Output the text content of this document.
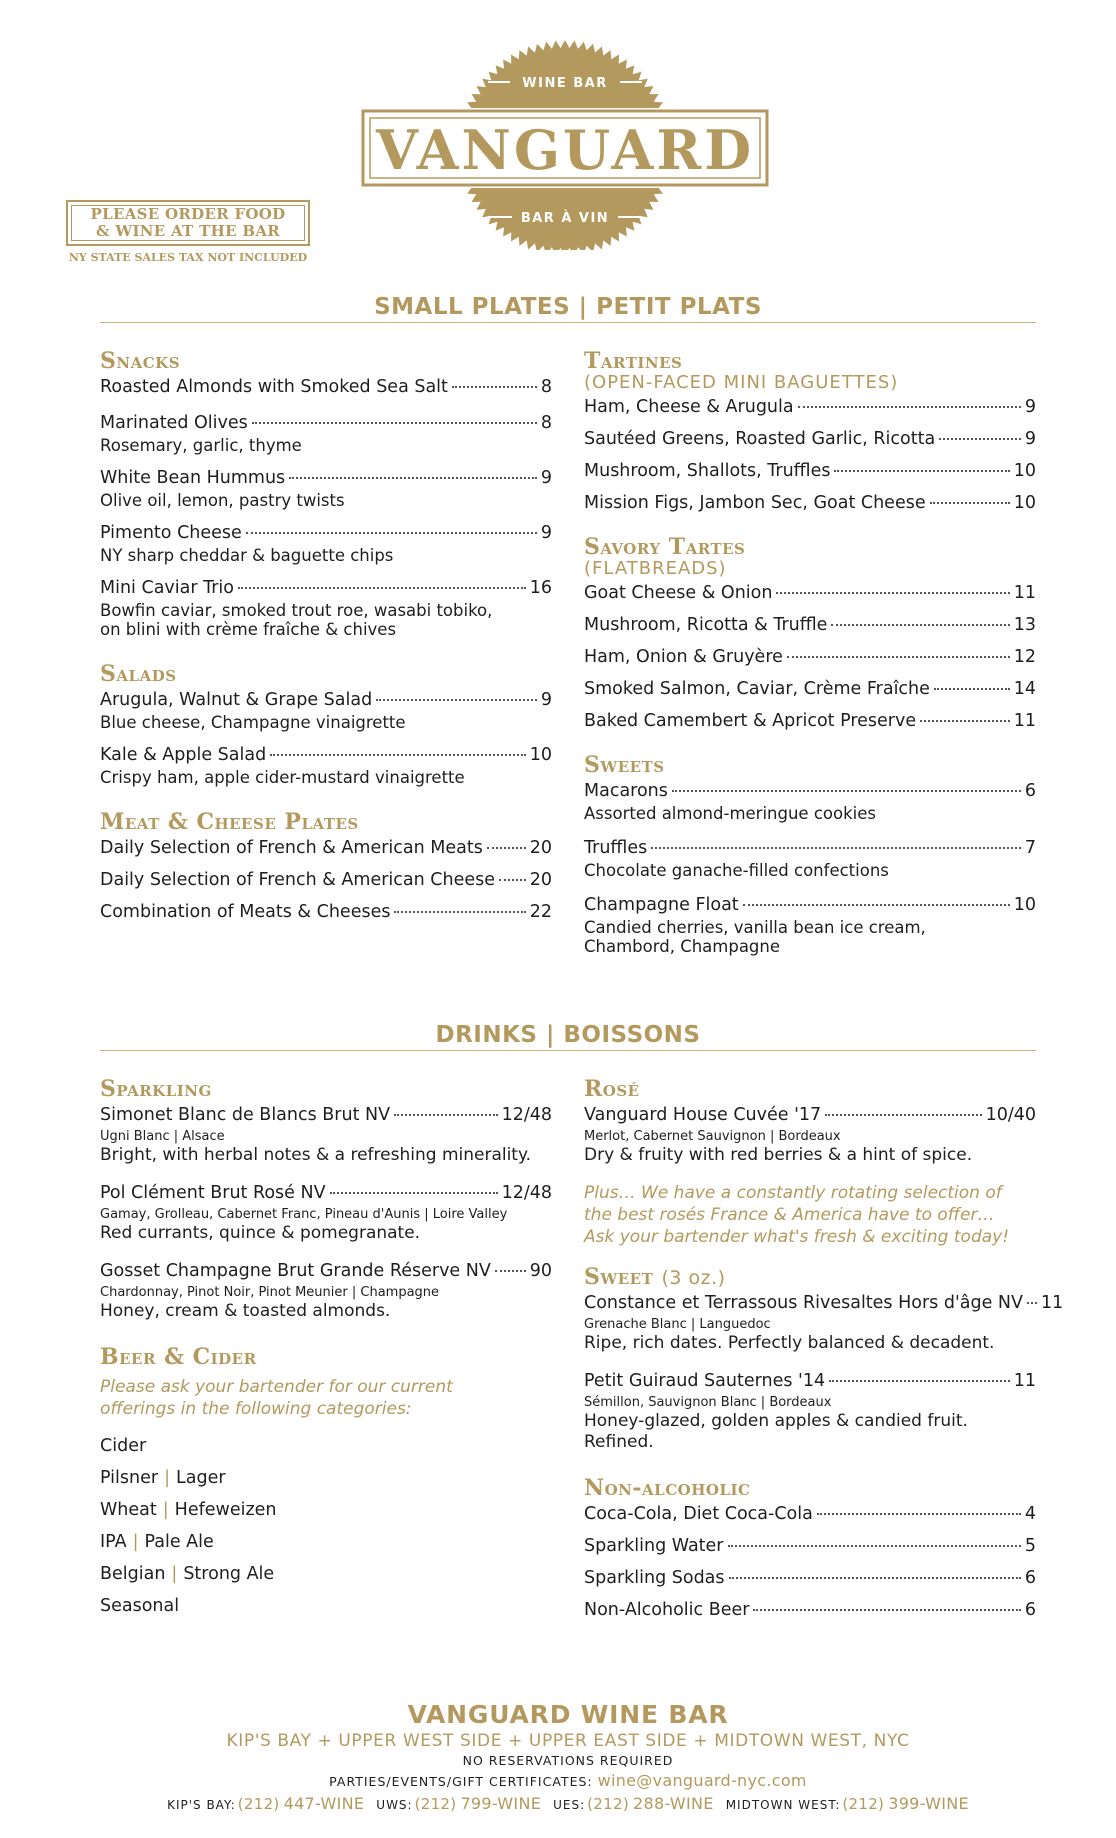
VANGUARD
WINE BAR
BAR À VIN
PLEASE ORDER FOOD
& WINE AT THE BAR
NY STATE SALES TAX NOT INCLUDED
SMALL PLATES | PETIT PLATS
Snacks
Roasted Almonds with Smoked Sea Salt	8
Marinated Olives	8
Rosemary, garlic, thyme
White Bean Hummus	9
Olive oil, lemon, pastry twists
Pimento Cheese	9
NY sharp cheddar & baguette chips
Mini Caviar Trio	16
Bowfin caviar, smoked trout roe, wasabi tobiko,
on blini with crème fraîche & chives
Salads
Arugula, Walnut & Grape Salad	9
Blue cheese, Champagne vinaigrette
Kale & Apple Salad	10
Crispy ham, apple cider-mustard vinaigrette
Meat & Cheese Plates
Daily Selection of French & American Meats	20
Daily Selection of French & American Cheese 20
Combination of Meats & Cheeses	22
Tartines
(OPEN-FACED MINI BAGUETTES)
Ham, Cheese & Arugula	9
Sautéed Greens, Roasted Garlic, Ricotta	9
Mushroom, Shallots, Truffles	10
Mission Figs, Jambon Sec, Goat Cheese	10
Savory Tartes
(FLATBREADS)
Goat Cheese & Onion	11
Mushroom, Ricotta & Truffle	13
Ham, Onion & Gruyère	12
Smoked Salmon, Caviar, Crème Fraîche	14
Baked Camembert & Apricot Preserve	11
Sweets
Macarons	6
Assorted almond-meringue cookies
Truffles	7
Chocolate ganache-filled confections
Champagne Float	10
Candied cherries, vanilla bean ice cream,
Chambord, Champagne
DRINKS | BOISSONS
Sparkling
Simonet Blanc de Blancs Brut NV	12/48
Ugni Blanc | Alsace
Bright, with herbal notes & a refreshing minerality.
Pol Clément Brut Rosé NV	12/48
Gamay, Grolleau, Cabernet Franc, Pineau d'Aunis | Loire Valley
Red currants, quince & pomegranate.
Gosset Champagne Brut Grande Réserve NV 90
Chardonnay, Pinot Noir, Pinot Meunier | Champagne
Honey, cream & toasted almonds.
Beer & Cider
Please ask your bartender for our current
offerings in the following categories:
Cider
Pilsner | Lager
Wheat | Hefeweizen
IPA | Pale Ale
Belgian | Strong Ale
Seasonal
Rosé
Vanguard House Cuvée '17	10/40
Merlot, Cabernet Sauvignon | Bordeaux
Dry & fruity with red berries & a hint of spice.
Plus… We have a constantly rotating selection of
the best rosés France & America have to offer…
Ask your bartender what's fresh & exciting today!
Sweet (3 oz.)
Constance et Terrassous Rivesaltes Hors d'âge NV 11
Grenache Blanc | Languedoc
Ripe, rich dates. Perfectly balanced & decadent.
Petit Guiraud Sauternes '14	11
Sémillon, Sauvignon Blanc | Bordeaux
Honey-glazed, golden apples & candied fruit. Refined.
Non-alcoholic
Coca-Cola, Diet Coca-Cola	4
Sparkling Water	5
Sparkling Sodas	6
Non-Alcoholic Beer	6
VANGUARD WINE BAR
KIP'S BAY + UPPER WEST SIDE + UPPER EAST SIDE + MIDTOWN WEST, NYC
NO RESERVATIONS REQUIRED
PARTIES/EVENTS/GIFT CERTIFICATES: wine@vanguard-nyc.com
KIP'S BAY: (212) 447-WINE UWS: (212) 799-WINE UES: (212) 288-WINE MIDTOWN WEST: (212) 399-WINE
